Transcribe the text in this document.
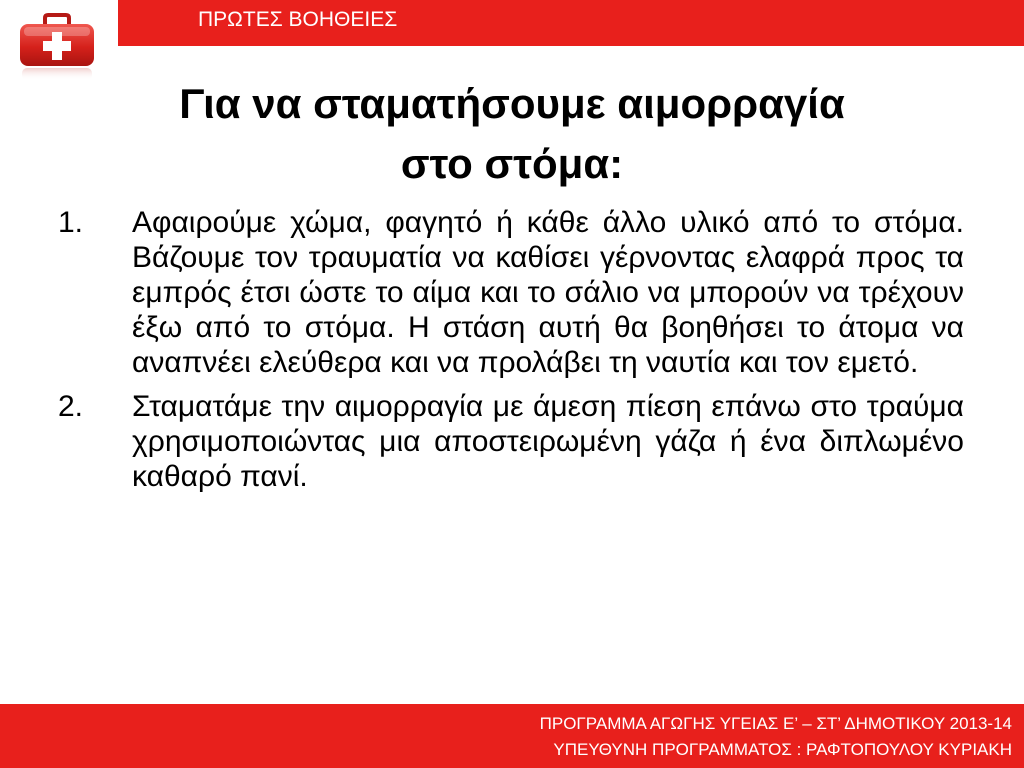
ΠΡΩΤΕΣ ΒΟΗΘΕΙΕΣ
Για να σταματήσουμε αιμορραγία
στο στόμα:
1. Αφαιρούμε χώμα, φαγητό ή κάθε άλλο υλικό από το στόμα. Βάζουμε τον τραυματία να καθίσει γέρνοντας ελαφρά προς τα εμπρός έτσι ώστε το αίμα και το σάλιο να μπορούν να τρέχουν έξω από το στόμα. Η στάση αυτή θα βοηθήσει το άτομα να αναπνέει ελεύθερα και να προλάβει τη ναυτία και τον εμετό.
2. Σταματάμε την αιμορραγία με άμεση πίεση επάνω στο τραύμα χρησιμοποιώντας μια αποστειρωμένη γάζα ή ένα διπλωμένο καθαρό πανί.
ΠΡΟΓΡΑΜΜΑ ΑΓΩΓΗΣ ΥΓΕΙΑΣ Ε’ – ΣΤ’ ΔΗΜΟΤΙΚΟΥ 2013-14
ΥΠΕΥΘΥΝΗ ΠΡΟΓΡΑΜΜΑΤΟΣ : ΡΑΦΤΟΠΟΥΛΟΥ ΚΥΡΙΑΚΗ
